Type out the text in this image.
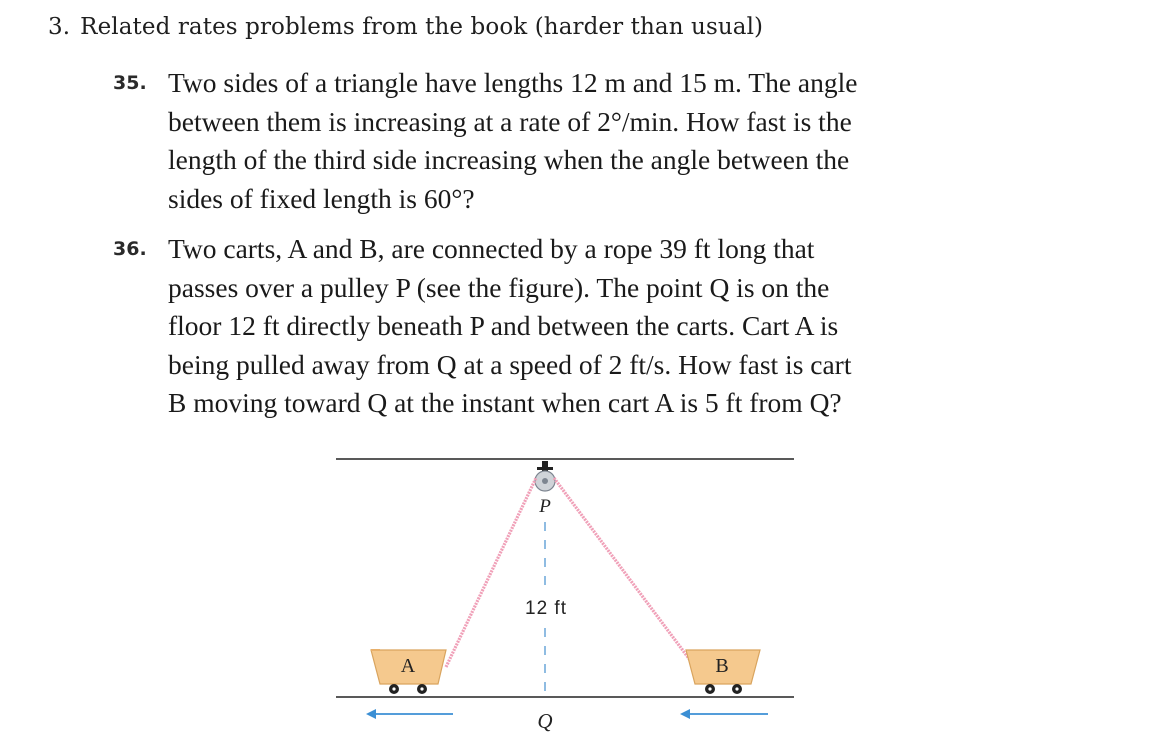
3. Related rates problems from the book (harder than usual)
35. Two sides of a triangle have lengths 12 m and 15 m. The angle
between them is increasing at a rate of 2°/min. How fast is the
length of the third side increasing when the angle between the
sides of fixed length is 60°?
36. Two carts, A and B, are connected by a rope 39 ft long that
passes over a pulley P (see the figure). The point Q is on the
floor 12 ft directly beneath P and between the carts. Cart A is
being pulled away from Q at a speed of 2 ft/s. How fast is cart
B moving toward Q at the instant when cart A is 5 ft from Q?
P
12 ft
A	B
Q
